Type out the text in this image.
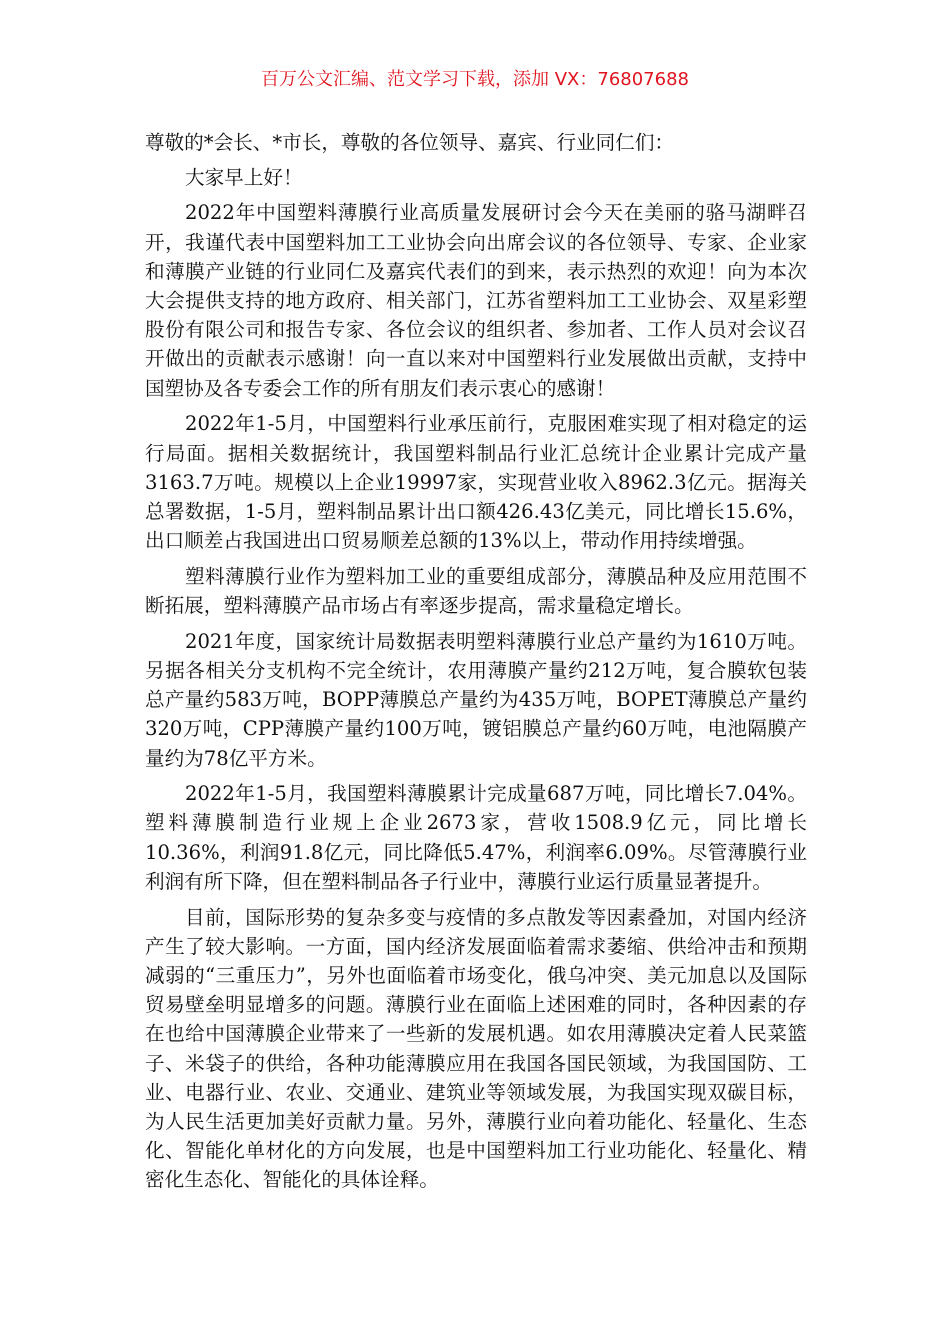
百万公文汇编、范文学习下载，添加 VX：76807688

尊敬的*会长、*市长，尊敬的各位领导、嘉宾、行业同仁们：

大家早上好！

2022年中国塑料薄膜行业高质量发展研讨会今天在美丽的骆马湖畔召开，我谨代表中国塑料加工工业协会向出席会议的各位领导、专家、企业家和薄膜产业链的行业同仁及嘉宾代表们的到来，表示热烈的欢迎！向为本次大会提供支持的地方政府、相关部门，江苏省塑料加工工业协会、双星彩塑股份有限公司和报告专家、各位会议的组织者、参加者、工作人员对会议召开做出的贡献表示感谢！向一直以来对中国塑料行业发展做出贡献，支持中国塑协及各专委会工作的所有朋友们表示衷心的感谢！

2022年1-5月，中国塑料行业承压前行，克服困难实现了相对稳定的运行局面。据相关数据统计，我国塑料制品行业汇总统计企业累计完成产量3163.7万吨。规模以上企业19997家，实现营业收入8962.3亿元。据海关总署数据，1-5月，塑料制品累计出口额426.43亿美元，同比增长15.6%，出口顺差占我国进出口贸易顺差总额的13%以上，带动作用持续增强。

塑料薄膜行业作为塑料加工业的重要组成部分，薄膜品种及应用范围不断拓展，塑料薄膜产品市场占有率逐步提高，需求量稳定增长。

2021年度，国家统计局数据表明塑料薄膜行业总产量约为1610万吨。另据各相关分支机构不完全统计，农用薄膜产量约212万吨，复合膜软包装总产量约583万吨，BOPP薄膜总产量约为435万吨，BOPET薄膜总产量约320万吨，CPP薄膜产量约100万吨，镀铝膜总产量约60万吨，电池隔膜产量约为78亿平方米。

2022年1-5月，我国塑料薄膜累计完成量687万吨，同比增长7.04%。塑料薄膜制造行业规上企业2673家，营收1508.9亿元，同比增长10.36%，利润91.8亿元，同比降低5.47%，利润率6.09%。尽管薄膜行业利润有所下降，但在塑料制品各子行业中，薄膜行业运行质量显著提升。

目前，国际形势的复杂多变与疫情的多点散发等因素叠加，对国内经济产生了较大影响。一方面，国内经济发展面临着需求萎缩、供给冲击和预期减弱的“三重压力”，另外也面临着市场变化，俄乌冲突、美元加息以及国际贸易壁垒明显增多的问题。薄膜行业在面临上述困难的同时，各种因素的存在也给中国薄膜企业带来了一些新的发展机遇。如农用薄膜决定着人民菜篮子、米袋子的供给，各种功能薄膜应用在我国各国民领域，为我国国防、工业、电器行业、农业、交通业、建筑业等领域发展，为我国实现双碳目标，为人民生活更加美好贡献力量。另外，薄膜行业向着功能化、轻量化、生态化、智能化单材化的方向发展，也是中国塑料加工行业功能化、轻量化、精密化生态化、智能化的具体诠释。
